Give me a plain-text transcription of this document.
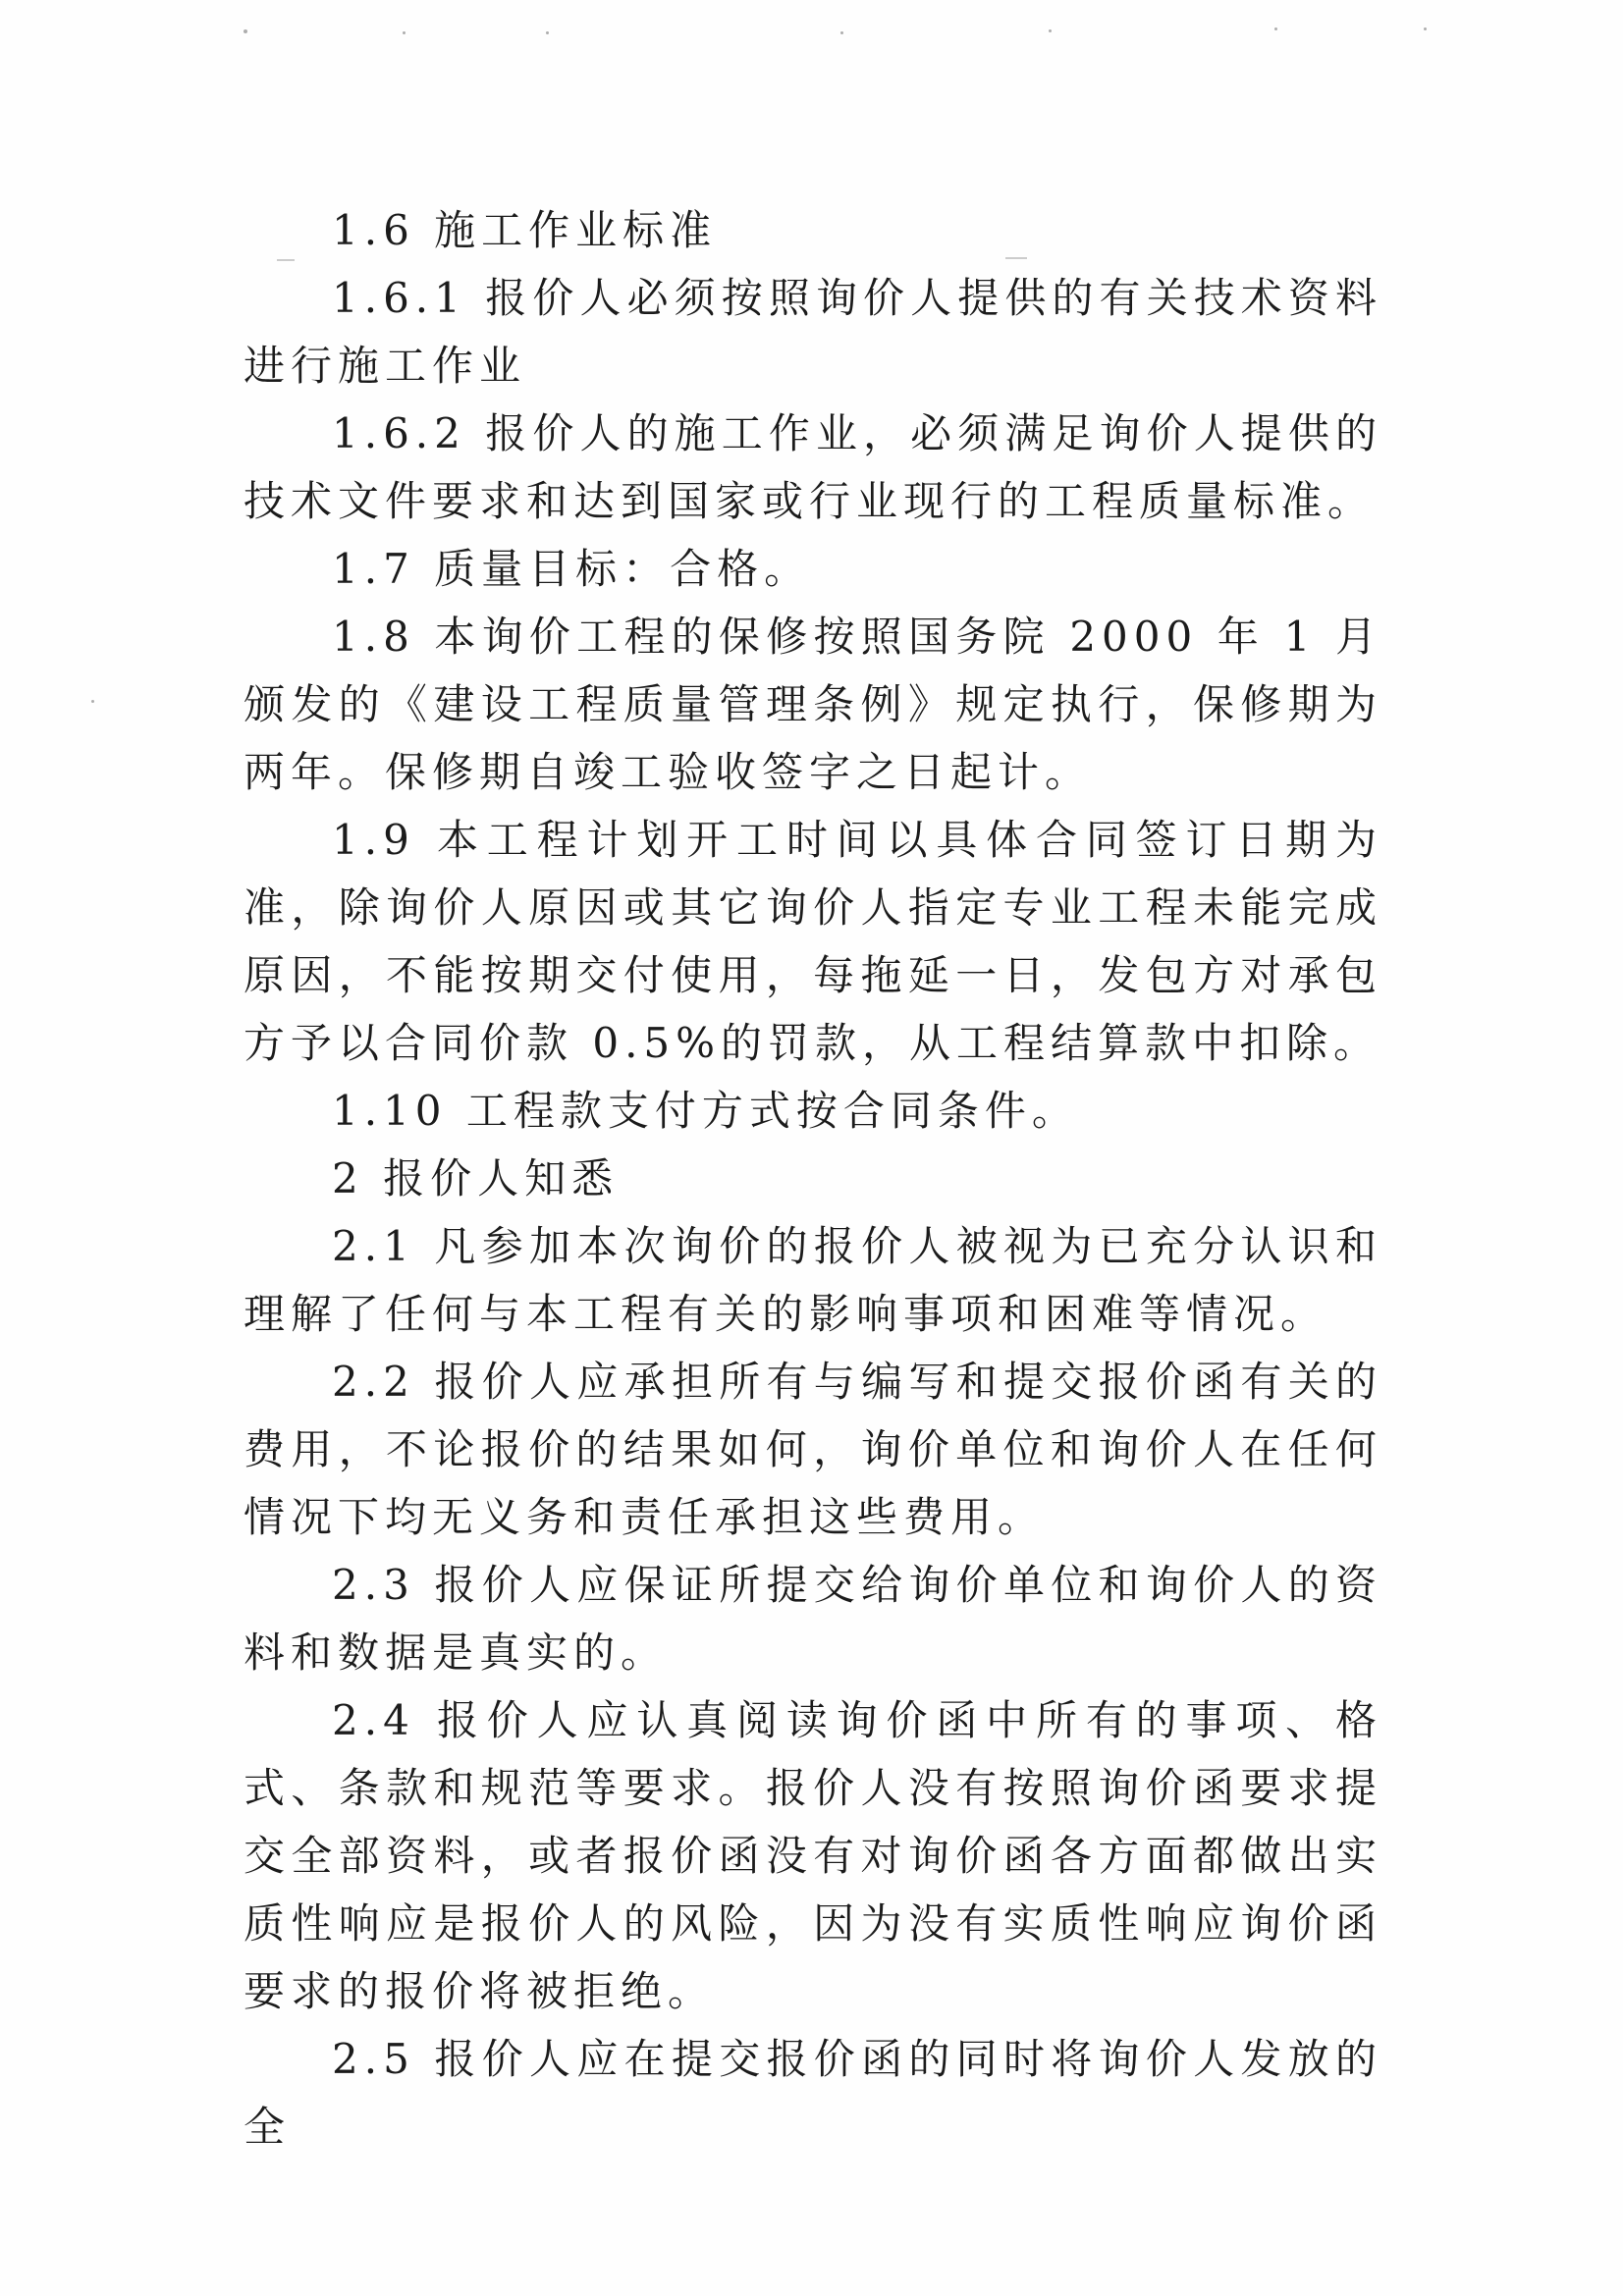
1.6 施工作业标准

1.6.1 报价人必须按照询价人提供的有关技术资料进行施工作业

1.6.2 报价人的施工作业，必须满足询价人提供的技术文件要求和达到国家或行业现行的工程质量标准。

1.7 质量目标：合格。

1.8 本询价工程的保修按照国务院 2000 年 1 月颁发的《建设工程质量管理条例》规定执行，保修期为两年。保修期自竣工验收签字之日起计。

1.9 本工程计划开工时间以具体合同签订日期为准，除询价人原因或其它询价人指定专业工程未能完成原因，不能按期交付使用，每拖延一日，发包方对承包方予以合同价款 0.5%的罚款，从工程结算款中扣除。

1.10 工程款支付方式按合同条件。

2 报价人知悉

2.1 凡参加本次询价的报价人被视为已充分认识和理解了任何与本工程有关的影响事项和困难等情况。

2.2 报价人应承担所有与编写和提交报价函有关的费用，不论报价的结果如何，询价单位和询价人在任何情况下均无义务和责任承担这些费用。

2.3 报价人应保证所提交给询价单位和询价人的资料和数据是真实的。

2.4 报价人应认真阅读询价函中所有的事项、格式、条款和规范等要求。报价人没有按照询价函要求提交全部资料，或者报价函没有对询价函各方面都做出实质性响应是报价人的风险，因为没有实质性响应询价函要求的报价将被拒绝。

2.5 报价人应在提交报价函的同时将询价人发放的全
